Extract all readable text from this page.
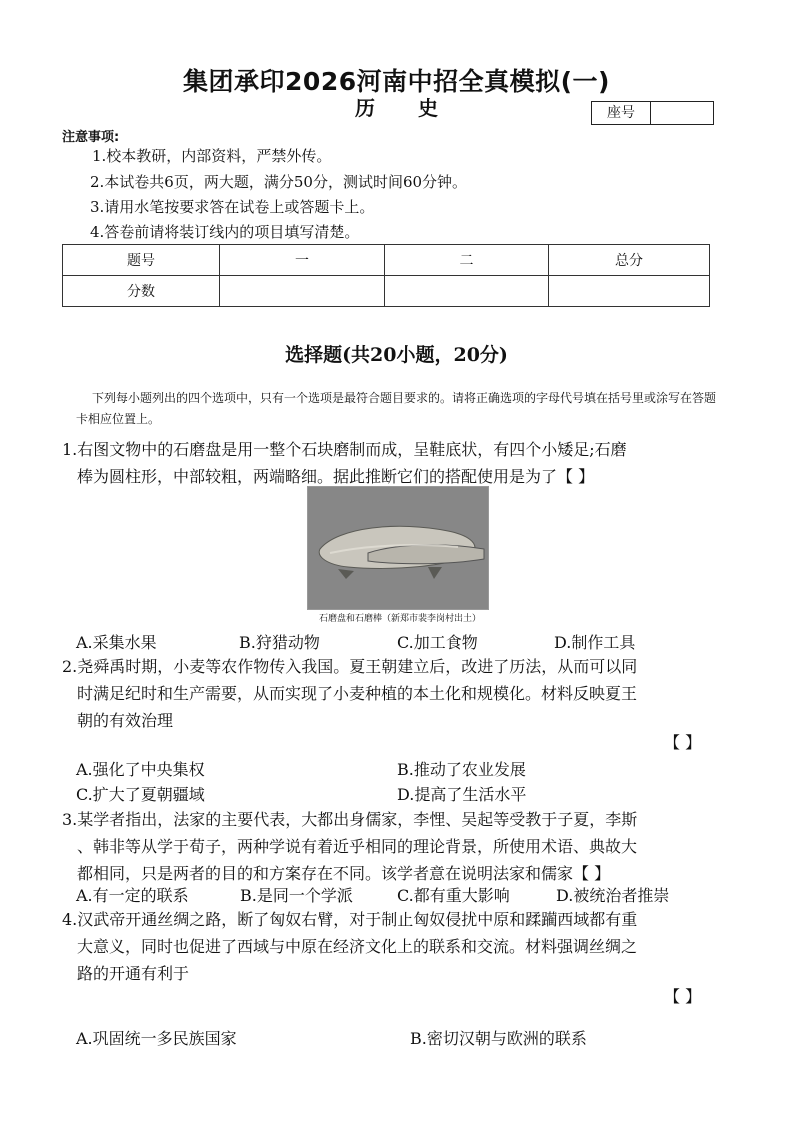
集团承印2026河南中招全真模拟(一)
历 史	座号
注意事项:
1.校本教研，内部资料，严禁外传。
2.本试卷共6页，两大题，满分50分，测试时间60分钟。
3.请用水笔按要求答在试卷上或答题卡上。
4.答卷前请将装订线内的项目填写清楚。
题号	一	二	总分
分数			
选择题(共20小题，20分)
下列每小题列出的四个选项中，只有一个选项是最符合题目要求的。请将正确选项的字母代号填在括号里或涂写在答题卡相应位置上。
1.右图文物中的石磨盘是用一整个石块磨制而成，呈鞋底状，有四个小矮足;石磨
棒为圆柱形，中部较粗，两端略细。据此推断它们的搭配使用是为了【 】
石磨盘和石磨棒（新郑市裴李岗村出土）
A.采集水果	B.狩猎动物	C.加工食物	D.制作工具
2.尧舜禹时期，小麦等农作物传入我国。夏王朝建立后，改进了历法，从而可以同
时满足纪时和生产需要，从而实现了小麦种植的本土化和规模化。材料反映夏王
朝的有效治理
【 】
A.强化了中央集权	B.推动了农业发展
C.扩大了夏朝疆域	D.提高了生活水平
3.某学者指出，法家的主要代表，大都出身儒家，李悝、吴起等受教于子夏，李斯
、韩非等从学于荀子，两种学说有着近乎相同的理论背景，所使用术语、典故大
都相同，只是两者的目的和方案存在不同。该学者意在说明法家和儒家【 】
A.有一定的联系	B.是同一个学派	C.都有重大影响	D.被统治者推崇
4.汉武帝开通丝绸之路，断了匈奴右臂，对于制止匈奴侵扰中原和蹂躏西域都有重
大意义，同时也促进了西域与中原在经济文化上的联系和交流。材料强调丝绸之
路的开通有利于
【 】
A.巩固统一多民族国家	B.密切汉朝与欧洲的联系
